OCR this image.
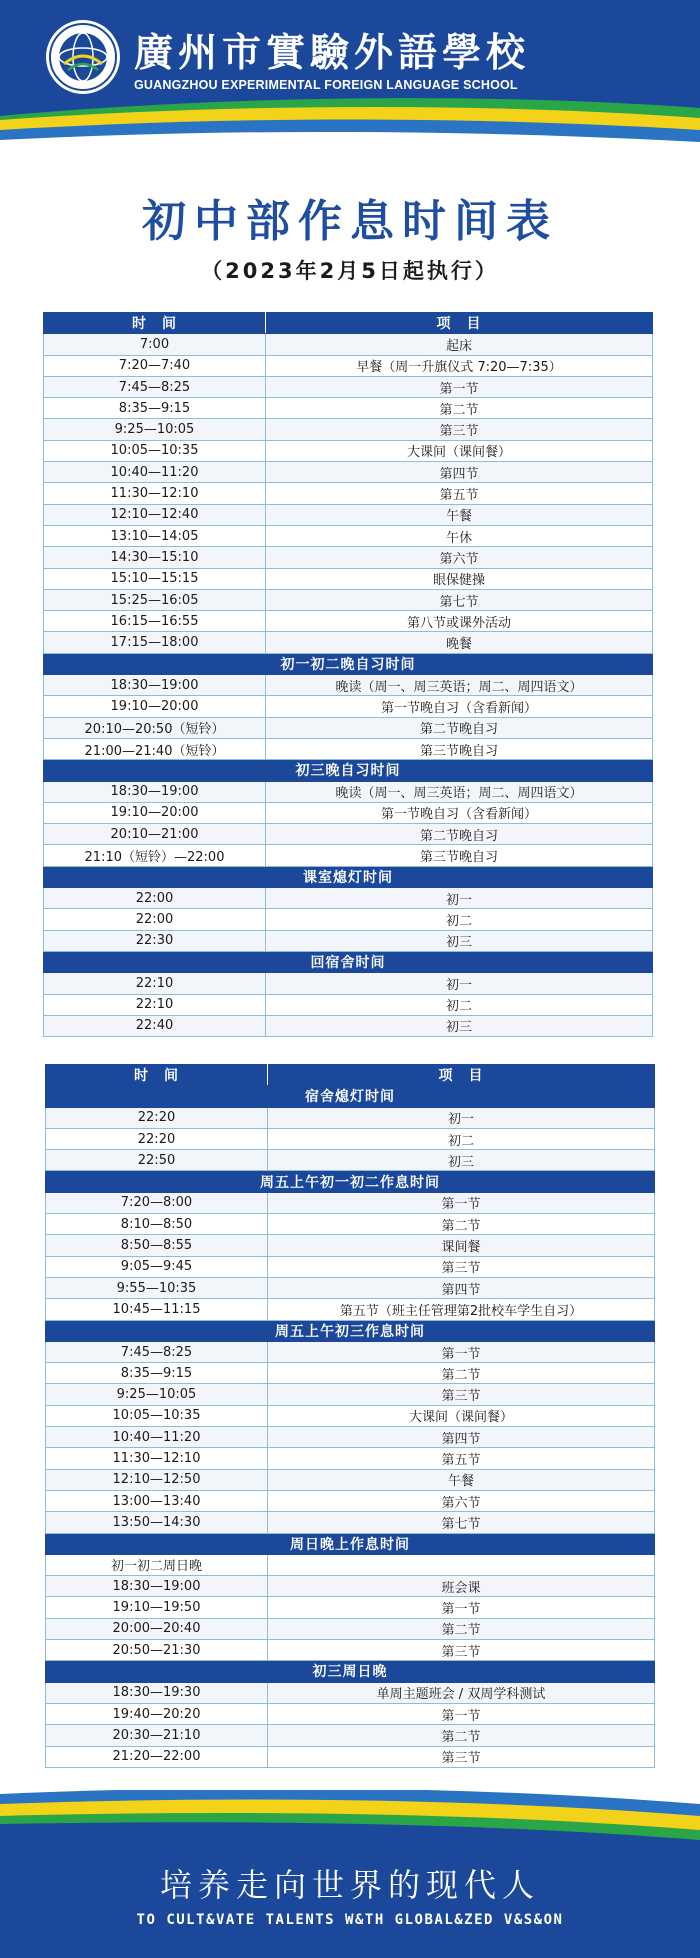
廣州市實驗外語學校
GUANGZHOU EXPERIMENTAL FOREIGN LANGUAGE SCHOOL
初中部作息时间表
（2023年2月5日起执行）
时　间	项　目
7:00	起床
7:20—7:40	早餐（周一升旗仪式 7:20—7:35）
7:45—8:25	第一节
8:35—9:15	第二节
9:25—10:05	第三节
10:05—10:35	大课间（课间餐）
10:40—11:20	第四节
11:30—12:10	第五节
12:10—12:40	午餐
13:10—14:05	午休
14:30—15:10	第六节
15:10—15:15	眼保健操
15:25—16:05	第七节
16:15—16:55	第八节或课外活动
17:15—18:00	晚餐
初一初二晚自习时间	
18:30—19:00	晚读（周一、周三英语；周二、周四语文）
19:10—20:00	第一节晚自习（含看新闻）
20:10—20:50（短铃）	第二节晚自习
21:00—21:40（短铃）	第三节晚自习
初三晚自习时间	
18:30—19:00	晚读（周一、周三英语；周二、周四语文）
19:10—20:00	第一节晚自习（含看新闻）
20:10—21:00	第二节晚自习
21:10（短铃）—22:00	第三节晚自习
课室熄灯时间	
22:00	初一
22:00	初二
22:30	初三
回宿舍时间	
22:10	初一
22:10	初二
22:40	初三
时　间	项　目
宿舍熄灯时间	
22:20	初一
22:20	初二
22:50	初三
周五上午初一初二作息时间	
7:20—8:00	第一节
8:10—8:50	第二节
8:50—8:55	课间餐
9:05—9:45	第三节
9:55—10:35	第四节
10:45—11:15	第五节（班主任管理第2批校车学生自习）
周五上午初三作息时间	
7:45—8:25	第一节
8:35—9:15	第二节
9:25—10:05	第三节
10:05—10:35	大课间（课间餐）
10:40—11:20	第四节
11:30—12:10	第五节
12:10—12:50	午餐
13:00—13:40	第六节
13:50—14:30	第七节
周日晚上作息时间	
初一初二周日晚	
18:30—19:00	班会课
19:10—19:50	第一节
20:00—20:40	第二节
20:50—21:30	第三节
初三周日晚	
18:30—19:30	单周主题班会 / 双周学科测试
19:40—20:20	第一节
20:30—21:10	第二节
21:20—22:00	第三节
培养走向世界的现代人
TO CULT&VATE TALENTS W&TH GLOBAL&ZED V&S&ON
